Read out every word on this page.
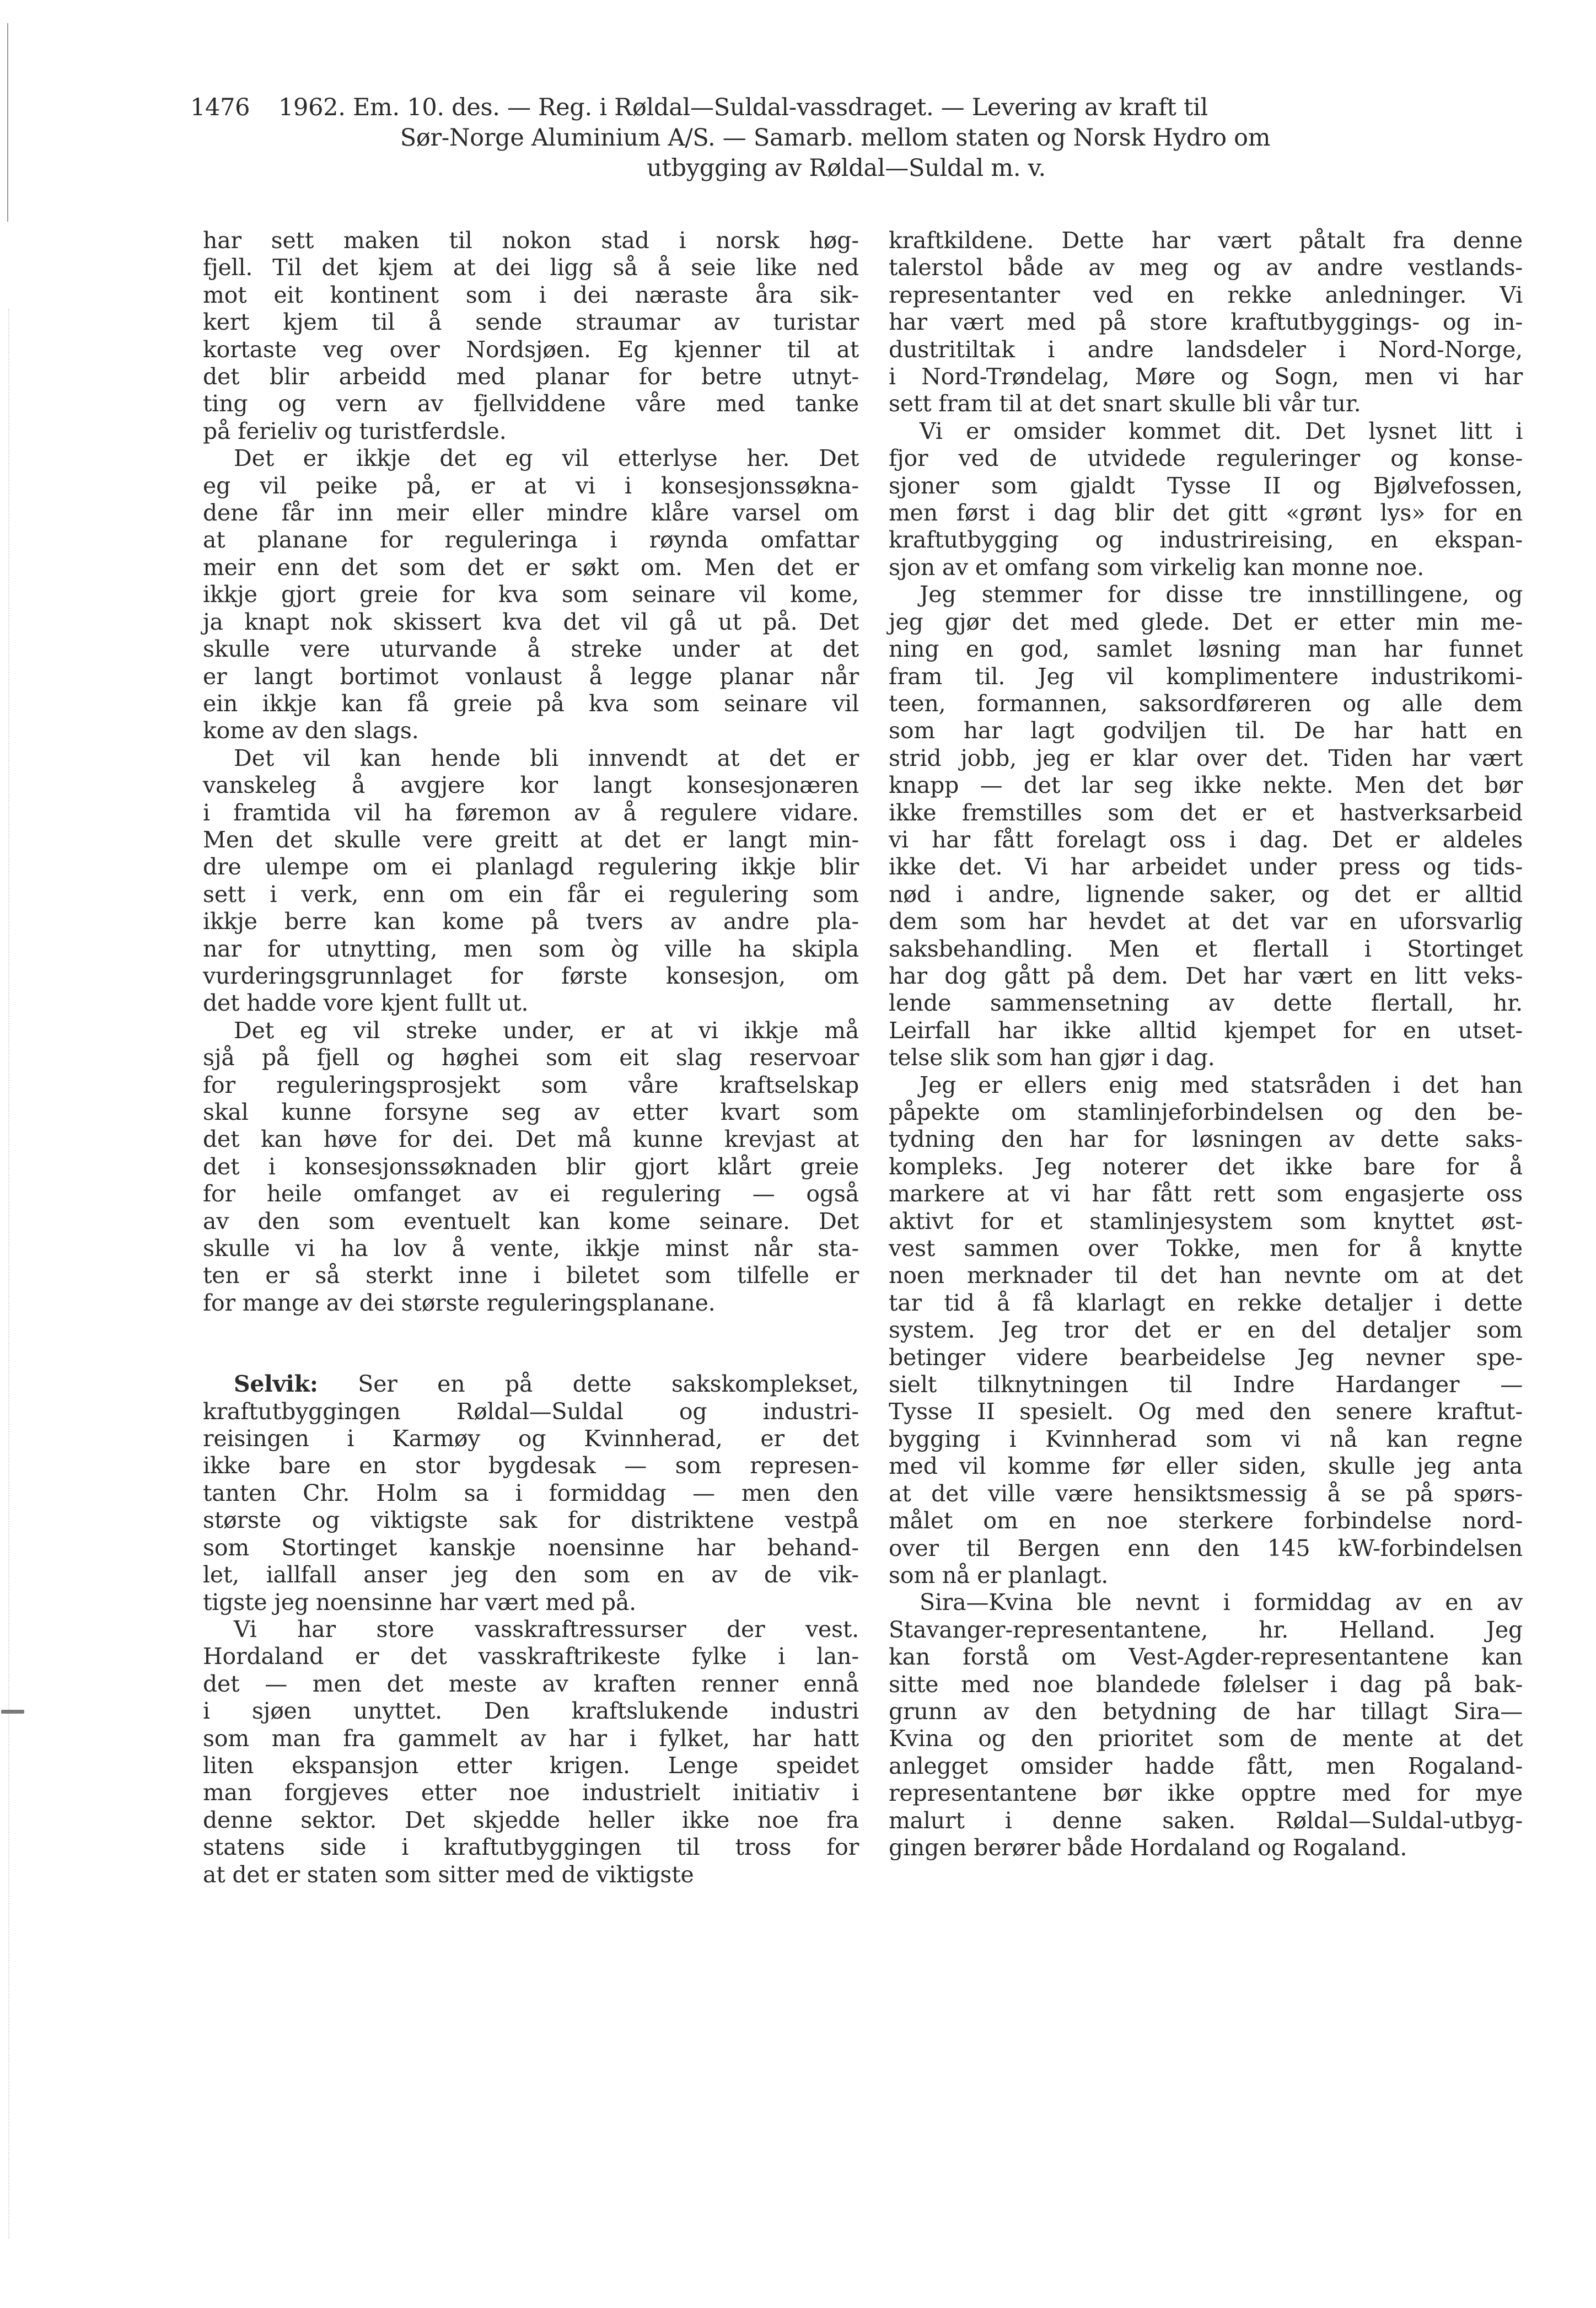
1476	1962. Em. 10. des. — Reg. i Røldal—Suldal-vassdraget. — Levering av kraft til
Sør-Norge Aluminium A/S. — Samarb. mellom staten og Norsk Hydro om
utbygging av Røldal—Suldal m. v.
har sett maken til nokon stad i norsk høg-
fjell. Til det kjem at dei ligg så å seie like ned
mot eit kontinent som i dei næraste åra sik-
kert kjem til å sende straumar av turistar
kortaste veg over Nordsjøen. Eg kjenner til at
det blir arbeidd med planar for betre utnyt-
ting og vern av fjellviddene våre med tanke
på ferieliv og turistferdsle.
Det er ikkje det eg vil etterlyse her. Det
eg vil peike på, er at vi i konsesjonssøkna-
dene får inn meir eller mindre klåre varsel om
at planane for reguleringa i røynda omfattar
meir enn det som det er søkt om. Men det er
ikkje gjort greie for kva som seinare vil kome,
ja knapt nok skissert kva det vil gå ut på. Det
skulle vere uturvande å streke under at det
er langt bortimot vonlaust å legge planar når
ein ikkje kan få greie på kva som seinare vil
kome av den slags.
Det vil kan hende bli innvendt at det er
vanskeleg å avgjere kor langt konsesjonæren
i framtida vil ha føremon av å regulere vidare.
Men det skulle vere greitt at det er langt min-
dre ulempe om ei planlagd regulering ikkje blir
sett i verk, enn om ein får ei regulering som
ikkje berre kan kome på tvers av andre pla-
nar for utnytting, men som òg ville ha skipla
vurderingsgrunnlaget for første konsesjon, om
det hadde vore kjent fullt ut.
Det eg vil streke under, er at vi ikkje må
sjå på fjell og høghei som eit slag reservoar
for reguleringsprosjekt som våre kraftselskap
skal kunne forsyne seg av etter kvart som
det kan høve for dei. Det må kunne krevjast at
det i konsesjonssøknaden blir gjort klårt greie
for heile omfanget av ei regulering — også
av den som eventuelt kan kome seinare. Det
skulle vi ha lov å vente, ikkje minst når sta-
ten er så sterkt inne i biletet som tilfelle er
for mange av dei største reguleringsplanane.
Selvik: Ser en på dette sakskomplekset,
kraftutbyggingen Røldal—Suldal og industri-
reisingen i Karmøy og Kvinnherad, er det
ikke bare en stor bygdesak — som represen-
tanten Chr. Holm sa i formiddag — men den
største og viktigste sak for distriktene vestpå
som Stortinget kanskje noensinne har behand-
let, iallfall anser jeg den som en av de vik-
tigste jeg noensinne har vært med på.
Vi har store vasskraftressurser der vest.
Hordaland er det vasskraftrikeste fylke i lan-
det — men det meste av kraften renner ennå
i sjøen unyttet. Den kraftslukende industri
som man fra gammelt av har i fylket, har hatt
liten ekspansjon etter krigen. Lenge speidet
man forgjeves etter noe industrielt initiativ i
denne sektor. Det skjedde heller ikke noe fra
statens side i kraftutbyggingen til tross for
at det er staten som sitter med de viktigste
kraftkildene. Dette har vært påtalt fra denne
talerstol både av meg og av andre vestlands-
representanter ved en rekke anledninger. Vi
har vært med på store kraftutbyggings- og in-
dustritiltak i andre landsdeler i Nord-Norge,
i Nord-Trøndelag, Møre og Sogn, men vi har
sett fram til at det snart skulle bli vår tur.
Vi er omsider kommet dit. Det lysnet litt i
fjor ved de utvidede reguleringer og konse-
sjoner som gjaldt Tysse II og Bjølvefossen,
men først i dag blir det gitt «grønt lys» for en
kraftutbygging og industrireising, en ekspan-
sjon av et omfang som virkelig kan monne noe.
Jeg stemmer for disse tre innstillingene, og
jeg gjør det med glede. Det er etter min me-
ning en god, samlet løsning man har funnet
fram til. Jeg vil komplimentere industrikomi-
teen, formannen, saksordføreren og alle dem
som har lagt godviljen til. De har hatt en
strid jobb, jeg er klar over det. Tiden har vært
knapp — det lar seg ikke nekte. Men det bør
ikke fremstilles som det er et hastverksarbeid
vi har fått forelagt oss i dag. Det er aldeles
ikke det. Vi har arbeidet under press og tids-
nød i andre, lignende saker, og det er alltid
dem som har hevdet at det var en uforsvarlig
saksbehandling. Men et flertall i Stortinget
har dog gått på dem. Det har vært en litt veks-
lende sammensetning av dette flertall, hr.
Leirfall har ikke alltid kjempet for en utset-
telse slik som han gjør i dag.
Jeg er ellers enig med statsråden i det han
påpekte om stamlinjeforbindelsen og den be-
tydning den har for løsningen av dette saks-
kompleks. Jeg noterer det ikke bare for å
markere at vi har fått rett som engasjerte oss
aktivt for et stamlinjesystem som knyttet øst-
vest sammen over Tokke, men for å knytte
noen merknader til det han nevnte om at det
tar tid å få klarlagt en rekke detaljer i dette
system. Jeg tror det er en del detaljer som
betinger videre bearbeidelse Jeg nevner spe-
sielt tilknytningen til Indre Hardanger —
Tysse II spesielt. Og med den senere kraftut-
bygging i Kvinnherad som vi nå kan regne
med vil komme før eller siden, skulle jeg anta
at det ville være hensiktsmessig å se på spørs-
målet om en noe sterkere forbindelse nord-
over til Bergen enn den 145 kW-forbindelsen
som nå er planlagt.
Sira—Kvina ble nevnt i formiddag av en av
Stavanger-representantene, hr. Helland. Jeg
kan forstå om Vest-Agder-representantene kan
sitte med noe blandede følelser i dag på bak-
grunn av den betydning de har tillagt Sira—
Kvina og den prioritet som de mente at det
anlegget omsider hadde fått, men Rogaland-
representantene bør ikke opptre med for mye
malurt i denne saken. Røldal—Suldal-utbyg-
gingen berører både Hordaland og Rogaland.
